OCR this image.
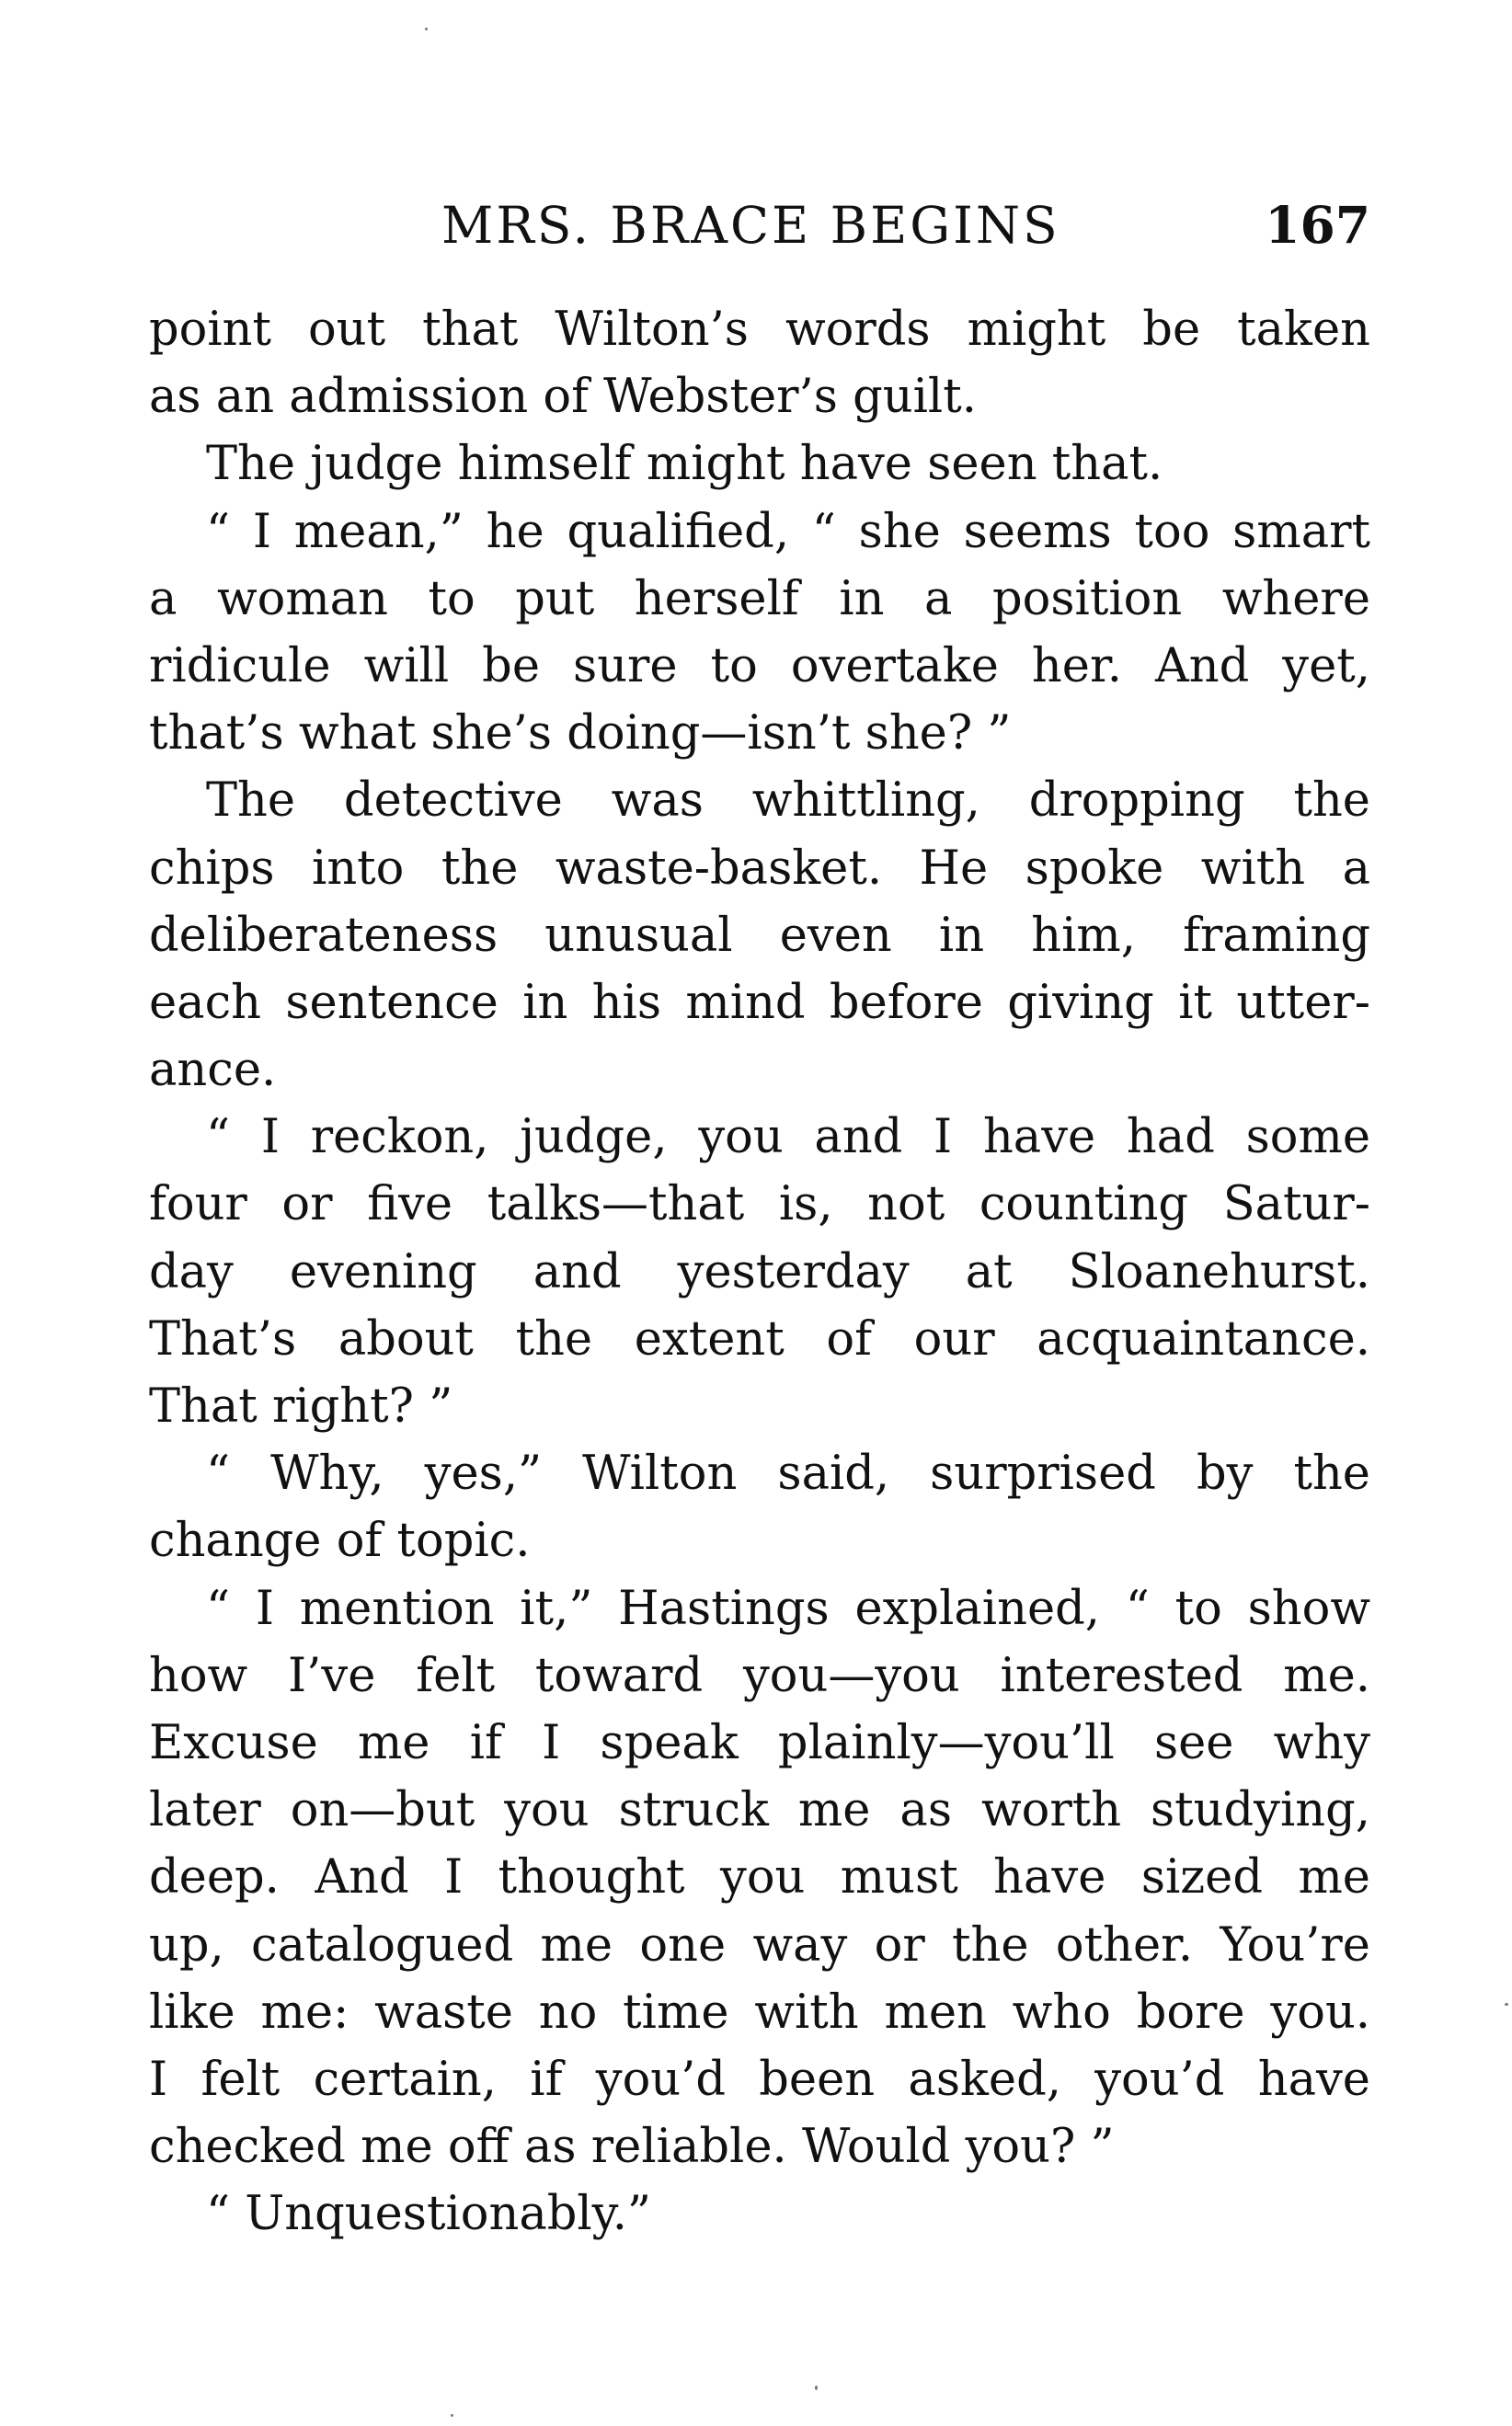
MRS. BRACE BEGINS	167
point out that Wilton’s words might be taken
as an admission of Webster’s guilt.
The judge himself might have seen that.
“ I mean,” he qualified, “ she seems too smart
a woman to put herself in a position where
ridicule will be sure to overtake her. And yet,
that’s what she’s doing—isn’t she? ”
The detective was whittling, dropping the
chips into the waste-basket. He spoke with a
deliberateness unusual even in him, framing
each sentence in his mind before giving it utter-
ance.
“ I reckon, judge, you and I have had some
four or five talks—that is, not counting Satur-
day evening and yesterday at Sloanehurst.
That’s about the extent of our acquaintance.
That right? ”
“ Why, yes,” Wilton said, surprised by the
change of topic.
“ I mention it,” Hastings explained, “ to show
how I’ve felt toward you—you interested me.
Excuse me if I speak plainly—you’ll see why
later on—but you struck me as worth studying,
deep. And I thought you must have sized me
up, catalogued me one way or the other. You’re
like me: waste no time with men who bore you.
I felt certain, if you’d been asked, you’d have
checked me off as reliable. Would you? ”
“ Unquestionably.”
